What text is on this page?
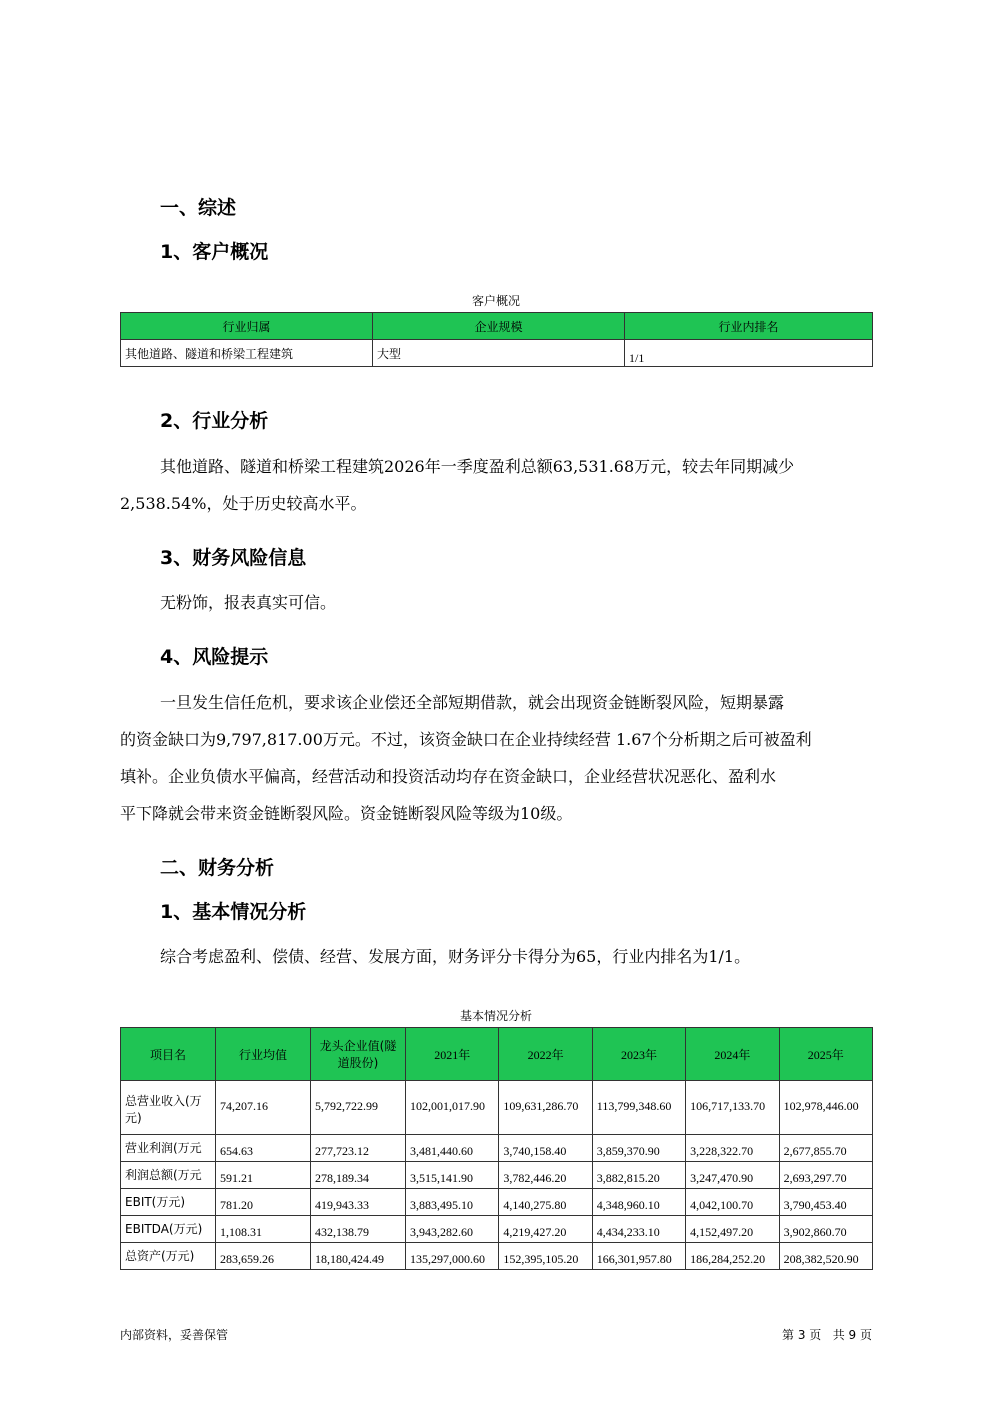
一、综述
1、客户概况
客户概况
行业归属	企业规模	行业内排名
其他道路、隧道和桥梁工程建筑	大型	1/1
2、行业分析
其他道路、隧道和桥梁工程建筑2026年一季度盈利总额63,531.68万元，较去年同期减少
2,538.54%，处于历史较高水平。
3、财务风险信息
无粉饰，报表真实可信。
4、风险提示
一旦发生信任危机，要求该企业偿还全部短期借款，就会出现资金链断裂风险，短期暴露
的资金缺口为9,797,817.00万元。不过，该资金缺口在企业持续经营 1.67个分析期之后可被盈利
填补。企业负债水平偏高，经营活动和投资活动均存在资金缺口，企业经营状况恶化、盈利水
平下降就会带来资金链断裂风险。资金链断裂风险等级为10级。
二、财务分析
1、基本情况分析
综合考虑盈利、偿债、经营、发展方面，财务评分卡得分为65，行业内排名为1/1。
基本情况分析
项目名	行业均值	龙头企业值(隧道股份)	2021年	2022年	2023年	2024年	2025年
总营业收入(万元)	74,207.16	5,792,722.99	102,001,017.90	109,631,286.70	113,799,348.60	106,717,133.70	102,978,446.00
营业利润(万元	654.63	277,723.12	3,481,440.60	3,740,158.40	3,859,370.90	3,228,322.70	2,677,855.70
利润总额(万元	591.21	278,189.34	3,515,141.90	3,782,446.20	3,882,815.20	3,247,470.90	2,693,297.70
EBIT(万元)	781.20	419,943.33	3,883,495.10	4,140,275.80	4,348,960.10	4,042,100.70	3,790,453.40
EBITDA(万元)	1,108.31	432,138.79	3,943,282.60	4,219,427.20	4,434,233.10	4,152,497.20	3,902,860.70
总资产(万元)	283,659.26	18,180,424.49	135,297,000.60	152,395,105.20	166,301,957.80	186,284,252.20	208,382,520.90
内部资料，妥善保管	第 3 页   共 9 页
